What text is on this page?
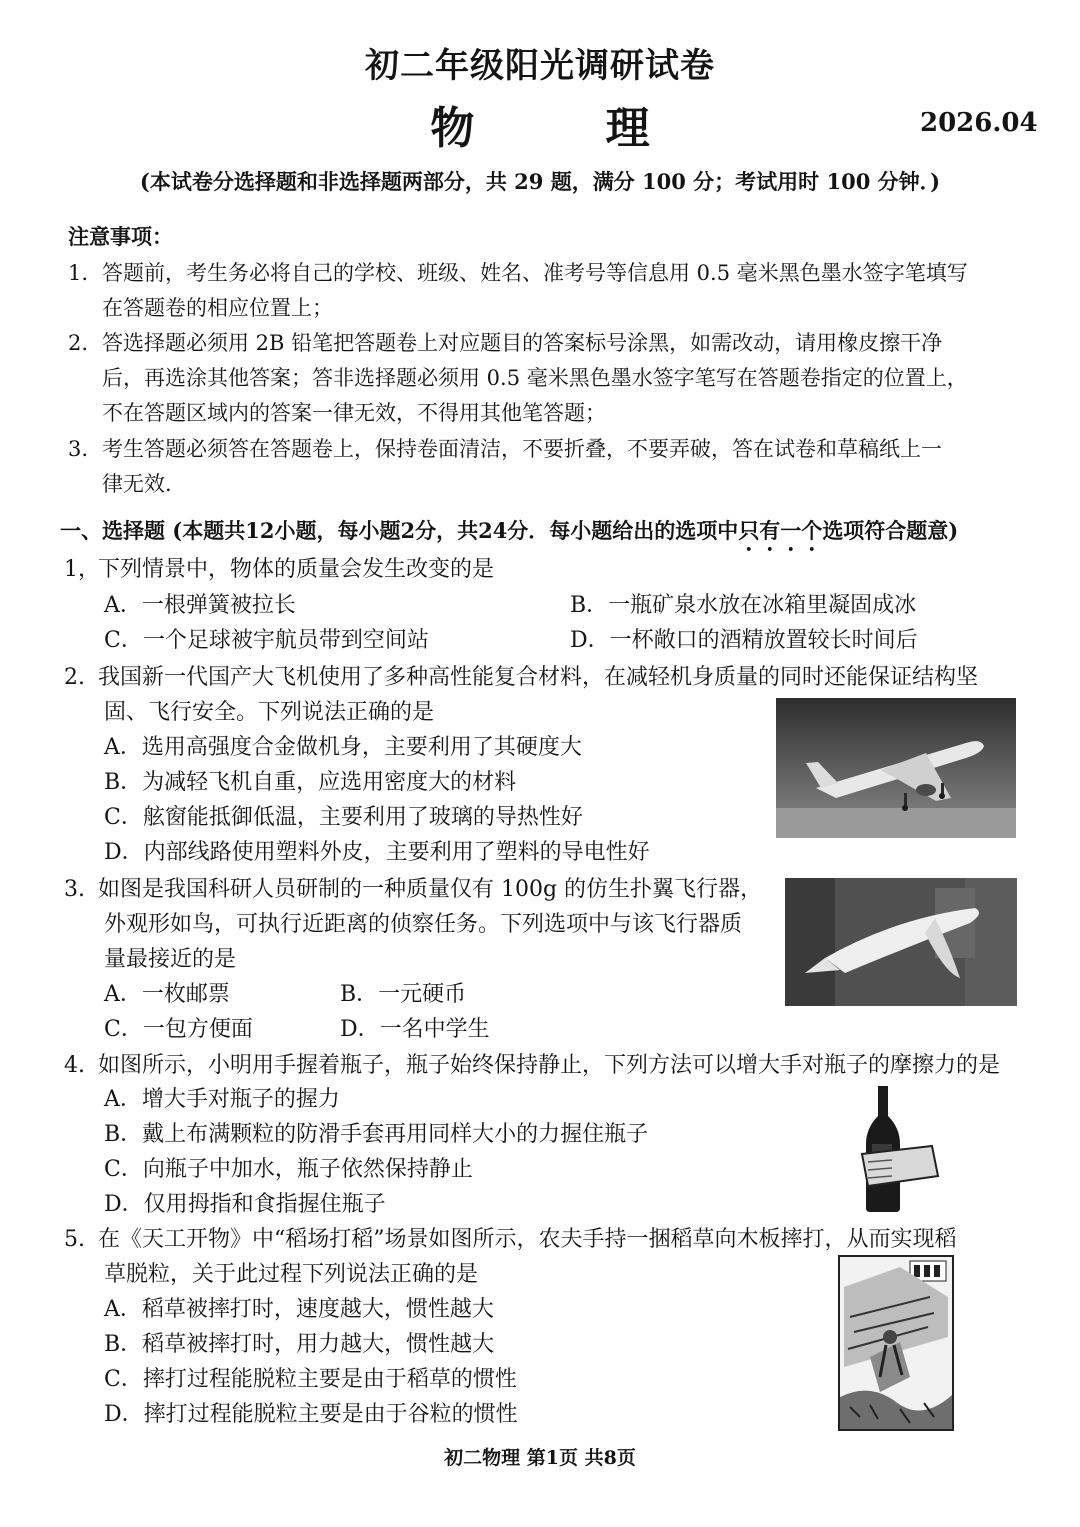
初二年级阳光调研试卷
物 理	2026.04
(本试卷分选择题和非选择题两部分，共 29 题，满分 100 分；考试用时 100 分钟．)
注意事项：
1. 答题前，考生务必将自己的学校、班级、姓名、准考号等信息用 0.5 毫米黑色墨水签字笔填写
在答题卷的相应位置上；
2. 答选择题必须用 2B 铅笔把答题卷上对应题目的答案标号涂黑，如需改动，请用橡皮擦干净
后，再选涂其他答案；答非选择题必须用 0.5 毫米黑色墨水签字笔写在答题卷指定的位置上，
不在答题区域内的答案一律无效，不得用其他笔答题；
3. 考生答题必须答在答题卷上，保持卷面清洁，不要折叠，不要弄破，答在试卷和草稿纸上一
律无效.
一、选择题 (本题共12小题，每小题2分，共24分．每小题给出的选项中只有一个选项符合题意)
1，下列情景中，物体的质量会发生改变的是
A．一根弹簧被拉长	B．一瓶矿泉水放在冰箱里凝固成冰
C．一个足球被宇航员带到空间站	D．一杯敞口的酒精放置较长时间后
2. 我国新一代国产大飞机使用了多种高性能复合材料，在减轻机身质量的同时还能保证结构坚
固、飞行安全。下列说法正确的是
A．选用高强度合金做机身，主要利用了其硬度大
B．为减轻飞机自重，应选用密度大的材料
C．舷窗能抵御低温，主要利用了玻璃的导热性好
D．内部线路使用塑料外皮，主要利用了塑料的导电性好
3. 如图是我国科研人员研制的一种质量仅有 100g 的仿生扑翼飞行器，
外观形如鸟，可执行近距离的侦察任务。下列选项中与该飞行器质
量最接近的是
A．一枚邮票	B．一元硬币
C．一包方便面	D．一名中学生
4. 如图所示，小明用手握着瓶子，瓶子始终保持静止，下列方法可以增大手对瓶子的摩擦力的是
A．增大手对瓶子的握力
B．戴上布满颗粒的防滑手套再用同样大小的力握住瓶子
C．向瓶子中加水，瓶子依然保持静止
D．仅用拇指和食指握住瓶子
5. 在《天工开物》中“稻场打稻”场景如图所示，农夫手持一捆稻草向木板摔打，从而实现稻
草脱粒，关于此过程下列说法正确的是
A．稻草被摔打时，速度越大，惯性越大
B．稻草被摔打时，用力越大，惯性越大
C．摔打过程能脱粒主要是由于稻草的惯性
D．摔打过程能脱粒主要是由于谷粒的惯性
初二物理 第1页 共8页
